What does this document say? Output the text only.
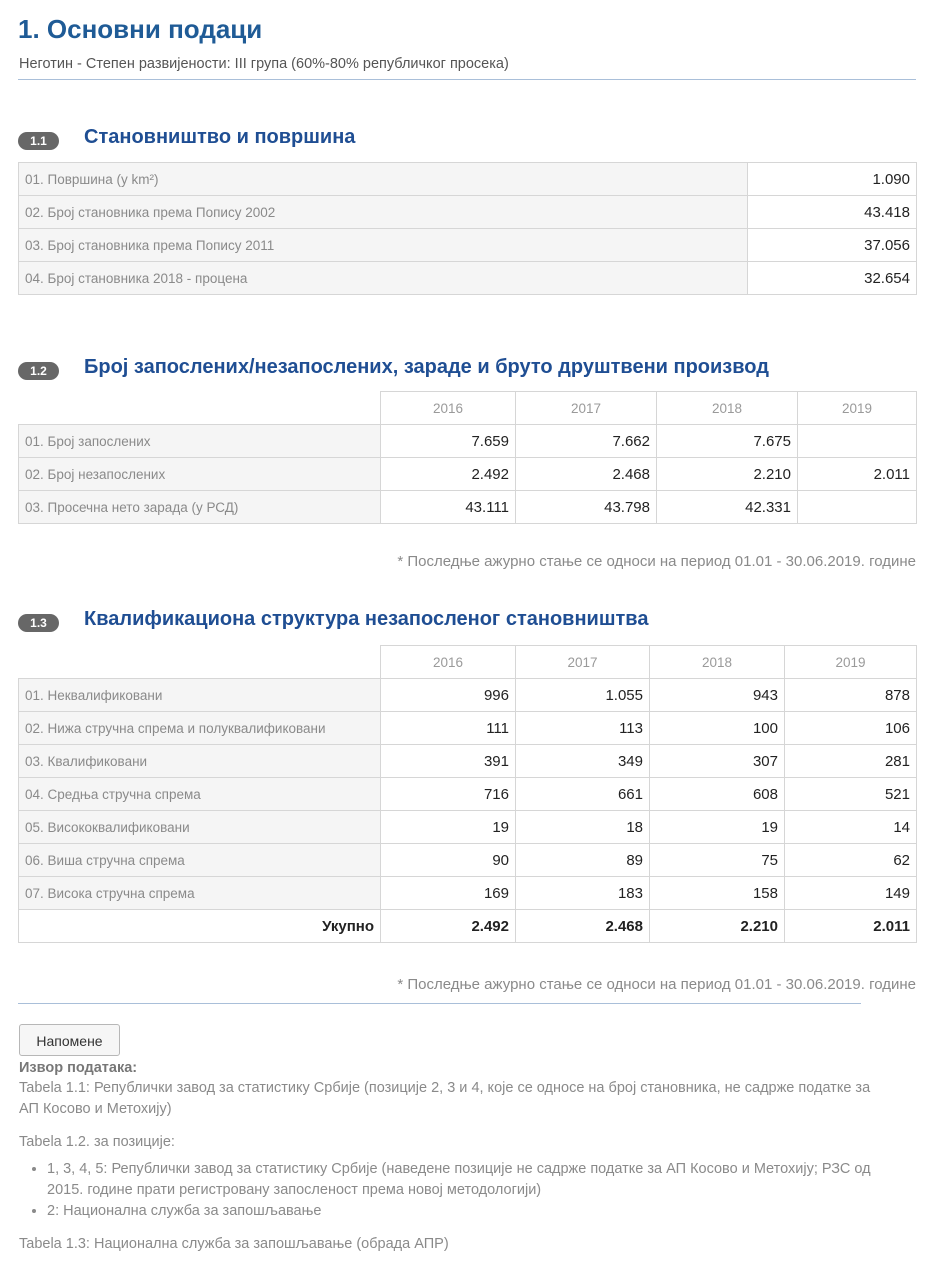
1. Основни подаци
Неготин - Степен развијености: III група (60%-80% републичког просека)
1.1	Становништво и површина
01. Површина (у km²)	1.090
02. Број становника према Попису 2002	43.418
03. Број становника према Попису 2011	37.056
04. Број становника 2018 - процена	32.654
1.2	Број запослених/незапослених, зараде и бруто друштвени производ
	2016	2017	2018	2019
01. Број запослених	7.659	7.662	7.675	
02. Број незапослених	2.492	2.468	2.210	2.011
03. Просечна нето зарада (у РСД)	43.111	43.798	42.331	
* Последње ажурно стање се односи на период 01.01 - 30.06.2019. године
1.3	Квалификациона структура незапосленог становништва
	2016	2017	2018	2019
01. Неквалификовани	996	1.055	943	878
02. Нижа стручна спрема и полуквалификовани	111	113	100	106
03. Квалификовани	391	349	307	281
04. Средња стручна спрема	716	661	608	521
05. Висококвалификовани	19	18	19	14
06. Виша стручна спрема	90	89	75	62
07. Висока стручна спрема	169	183	158	149
Укупно	2.492	2.468	2.210	2.011
* Последње ажурно стање се односи на период 01.01 - 30.06.2019. године
Напомене

Извор података:

Tabela 1.1: Републички завод за статистику Србије (позиције 2, 3 и 4, које се односе на број становника, не садрже податке за АП Косово и Метохију)

Tabela 1.2. за позиције:

• 1, 3, 4, 5: Републички завод за статистику Србије (наведене позиције не садрже податке за АП Косово и Метохију; РЗС од 2015. године прати регистровану запосленост према новој методологији)
• 2: Национална служба за запошљавање

Tabela 1.3: Национална служба за запошљавање (обрада АПР)
